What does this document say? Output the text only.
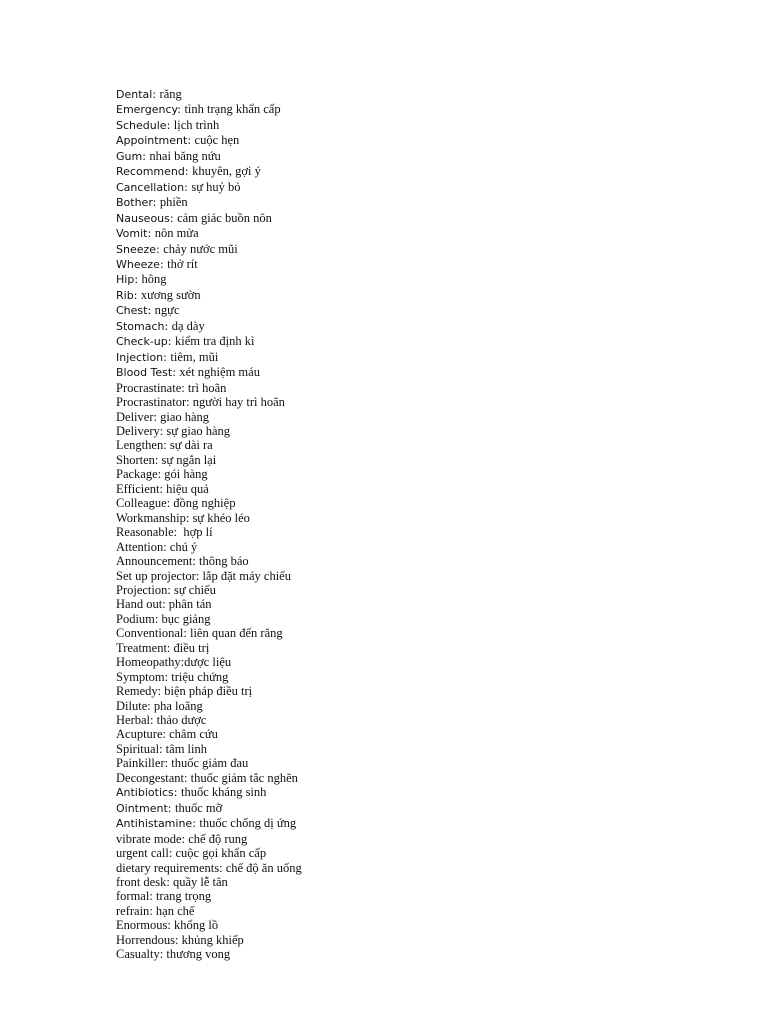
Dental: răng
Emergency: tình trạng khẩn cấp
Schedule: lịch trình
Appointment: cuộc hẹn
Gum: nhai băng nứu
Recommend: khuyên, gợi ý
Cancellation: sự huỷ bỏ
Bother: phiền
Nauseous: cảm giác buồn nôn
Vomit: nôn mửa
Sneeze: chảy nước mũi
Wheeze: thở rít
Hip: hông
Rib: xương sườn
Chest: ngực
Stomach: dạ dày
Check-up: kiểm tra định kì
Injection: tiêm, mũi
Blood Test: xét nghiệm máu
Procrastinate: trì hoãn
Procrastinator: người hay trì hoãn
Deliver: giao hàng
Delivery: sự giao hàng
Lengthen: sự dài ra
Shorten: sự ngắn lại
Package: gói hàng
Efficient: hiệu quả
Colleague: đồng nghiệp
Workmanship: sự khéo léo
Reasonable:  hợp lí
Attention: chú ý
Announcement: thông báo
Set up projector: lắp đặt máy chiếu
Projection: sự chiếu
Hand out: phân tán
Podium: bục giảng
Conventional: liên quan đến răng
Treatment: điều trị
Homeopathy:dược liệu
Symptom: triệu chứng
Remedy: biện pháp điều trị
Dilute: pha loãng
Herbal: thảo dược
Acupture: châm cứu
Spiritual: tâm linh
Painkiller: thuốc giảm đau
Decongestant: thuốc giảm tắc nghẽn
Antibiotics: thuốc kháng sinh
Ointment: thuốc mỡ
Antihistamine: thuốc chống dị ứng
vibrate mode: chế độ rung
urgent call: cuộc gọi khẩn cấp
dietary requirements: chế độ ăn uống
front desk: quầy lễ tân
formal: trang trọng
refrain: hạn chế
Enormous: khổng lồ
Horrendous: khủng khiếp
Casualty: thương vong
